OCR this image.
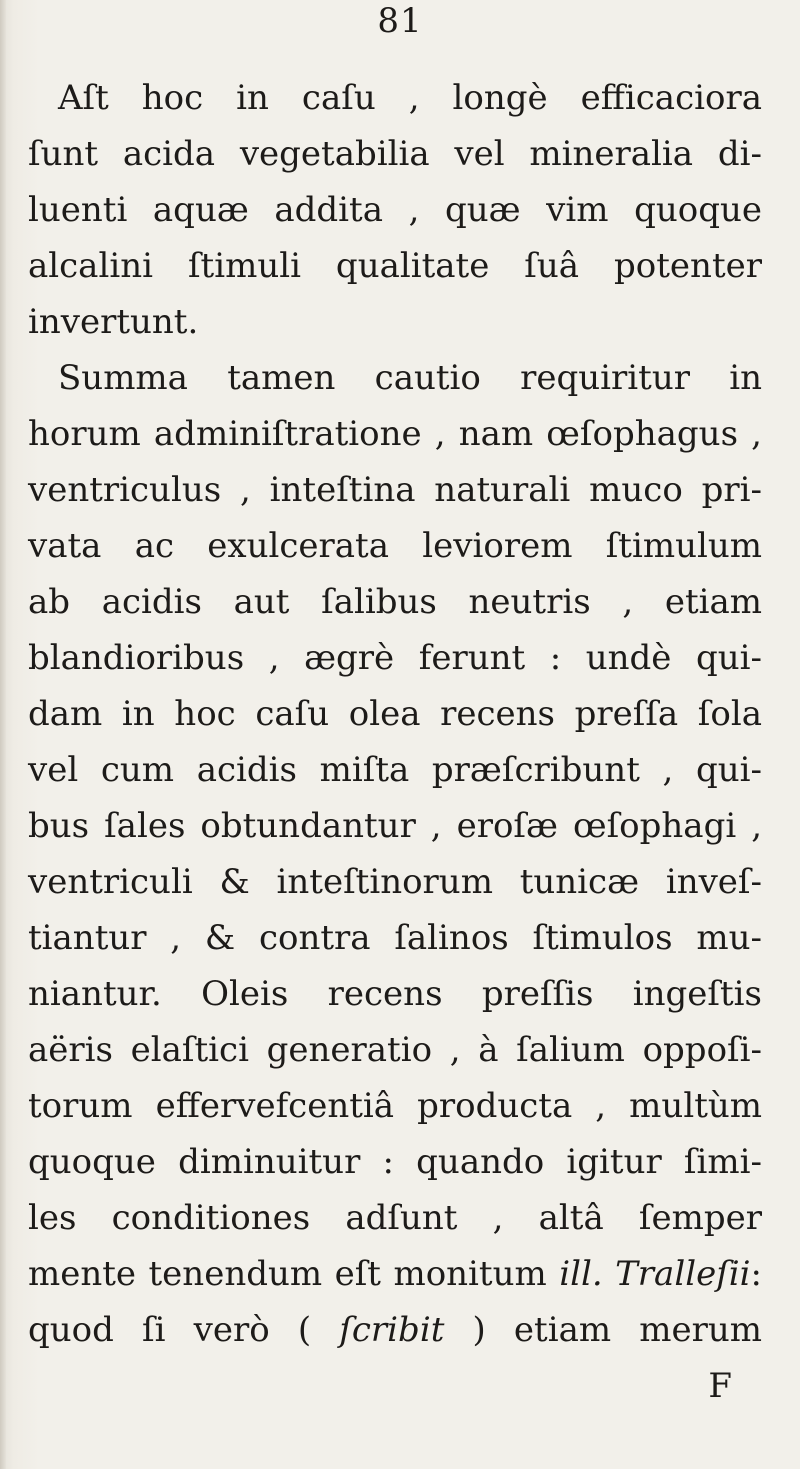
81
Aſt hoc in caſu , longè efficaciora
ſunt acida vegetabilia vel mineralia di-
luenti aquæ addita , quæ vim quoque
alcalini ſtimuli qualitate ſuâ potenter
invertunt.
Summa tamen cautio requiritur in
horum adminiſtratione , nam œſophagus ,
ventriculus , inteſtina naturali muco pri-
vata ac exulcerata leviorem ſtimulum
ab acidis aut ſalibus neutris , etiam
blandioribus , ægrè ferunt : undè qui-
dam in hoc caſu olea recens preſſa ſola
vel cum acidis miſta præſcribunt , qui-
bus ſales obtundantur , eroſæ œſophagi ,
ventriculi & inteſtinorum tunicæ inveſ-
tiantur , & contra ſalinos ſtimulos mu-
niantur. Oleis recens preſſis ingeſtis
aëris elaſtici generatio , à ſalium oppoſi-
torum effervefcentiâ producta , multùm
quoque diminuitur : quando igitur ſimi-
les conditiones adſunt , altâ ſemper
mente tenendum eſt monitum ill. Tralleſii:
quod ſi verò ( ſcribit ) etiam merum
F
